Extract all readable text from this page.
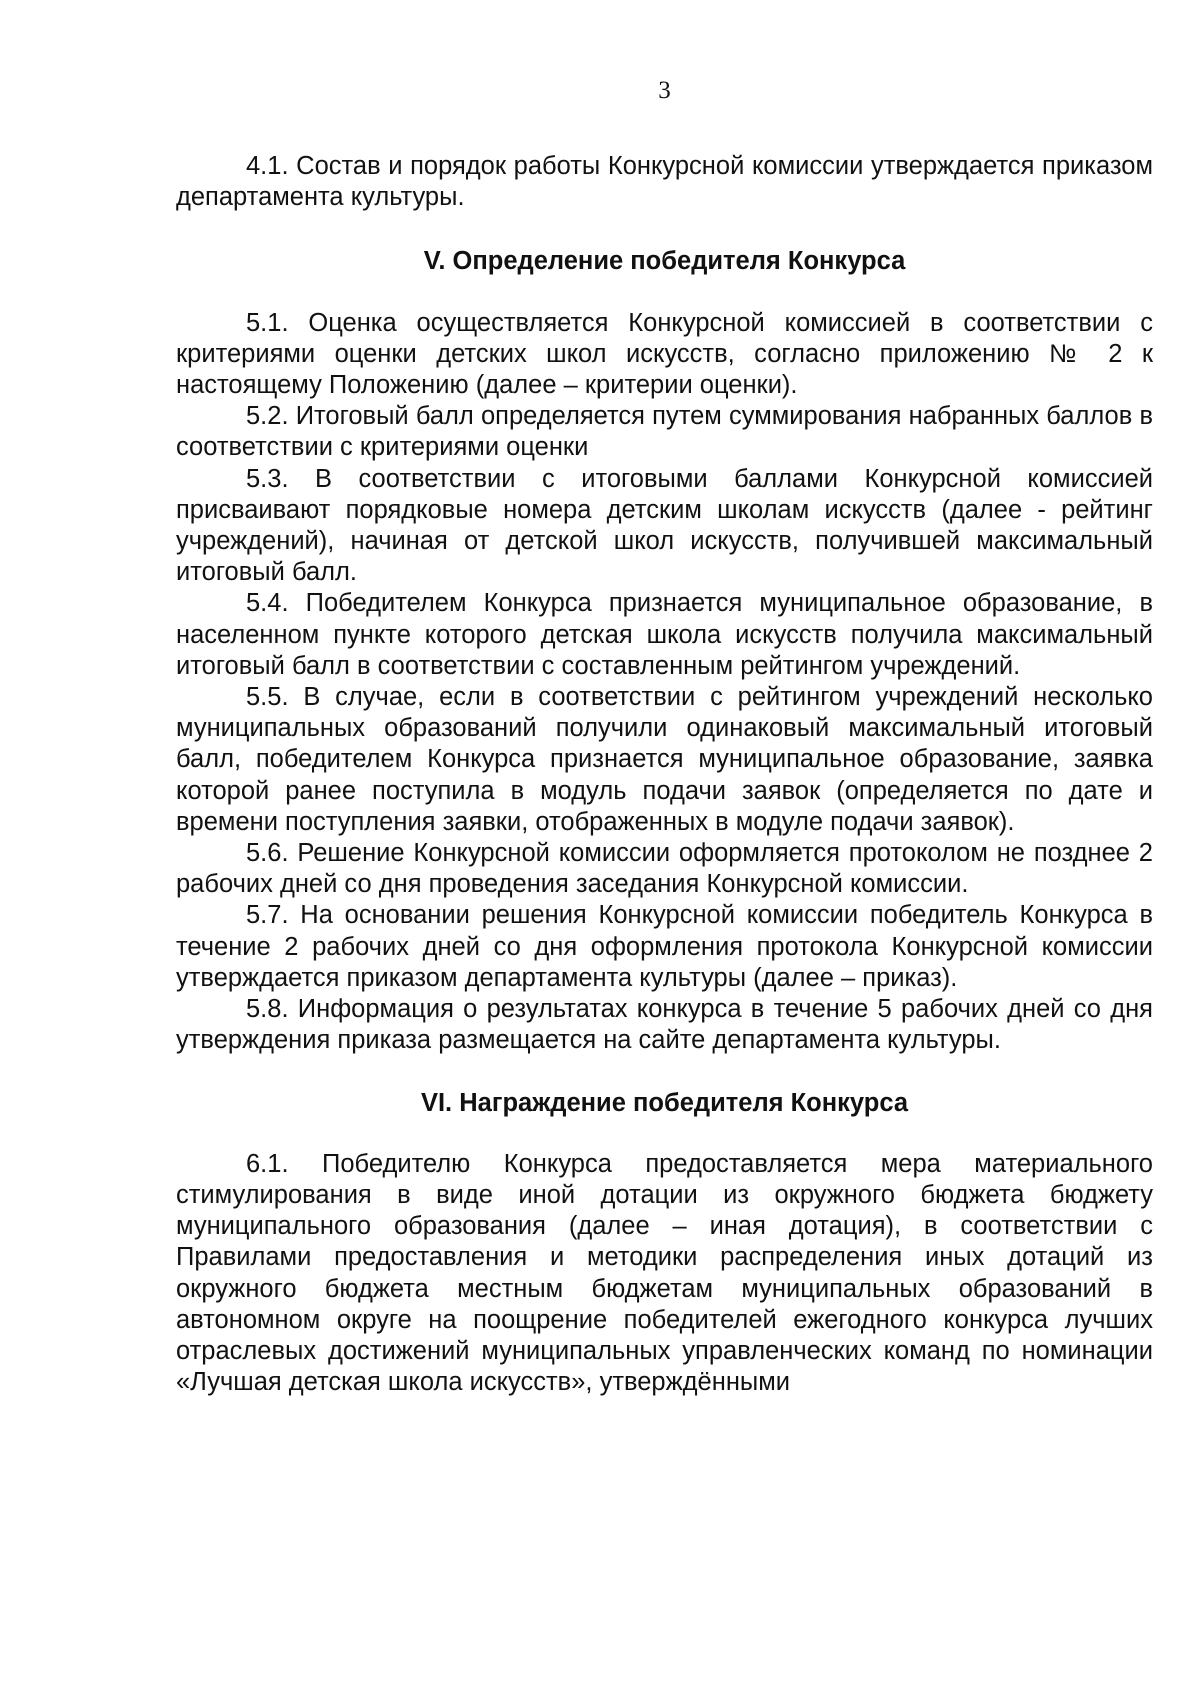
3

4.1. Состав и порядок работы Конкурсной комиссии утверждается приказом департамента культуры.

V. Определение победителя Конкурса

5.1. Оценка осуществляется Конкурсной комиссией в соответствии с критериями оценки детских школ искусств, согласно приложению № 2 к настоящему Положению (далее – критерии оценки).

5.2. Итоговый балл определяется путем суммирования набранных баллов в соответствии с критериями оценки

5.3. В соответствии с итоговыми баллами Конкурсной комиссией присваивают порядковые номера детским школам искусств (далее - рейтинг учреждений), начиная от детской школ искусств, получившей максимальный итоговый балл.

5.4. Победителем Конкурса признается муниципальное образование, в населенном пункте которого детская школа искусств получила максимальный итоговый балл в соответствии с составленным рейтингом учреждений.

5.5. В случае, если в соответствии с рейтингом учреждений несколько муниципальных образований получили одинаковый максимальный итоговый балл, победителем Конкурса признается муниципальное образование, заявка которой ранее поступила в модуль подачи заявок (определяется по дате и времени поступления заявки, отображенных в модуле подачи заявок).

5.6. Решение Конкурсной комиссии оформляется протоколом не позднее 2 рабочих дней со дня проведения заседания Конкурсной комиссии.

5.7. На основании решения Конкурсной комиссии победитель Конкурса в течение 2 рабочих дней со дня оформления протокола Конкурсной комиссии утверждается приказом департамента культуры (далее – приказ).

5.8. Информация о результатах конкурса в течение 5 рабочих дней со дня утверждения приказа размещается на сайте департамента культуры.

VI. Награждение победителя Конкурса

6.1. Победителю Конкурса предоставляется мера материального стимулирования в виде иной дотации из окружного бюджета бюджету муниципального образования (далее – иная дотация), в соответствии с Правилами предоставления и методики распределения иных дотаций из окружного бюджета местным бюджетам муниципальных образований в автономном округе на поощрение победителей ежегодного конкурса лучших отраслевых достижений муниципальных управленческих команд по номинации «Лучшая детская школа искусств», утверждёнными
